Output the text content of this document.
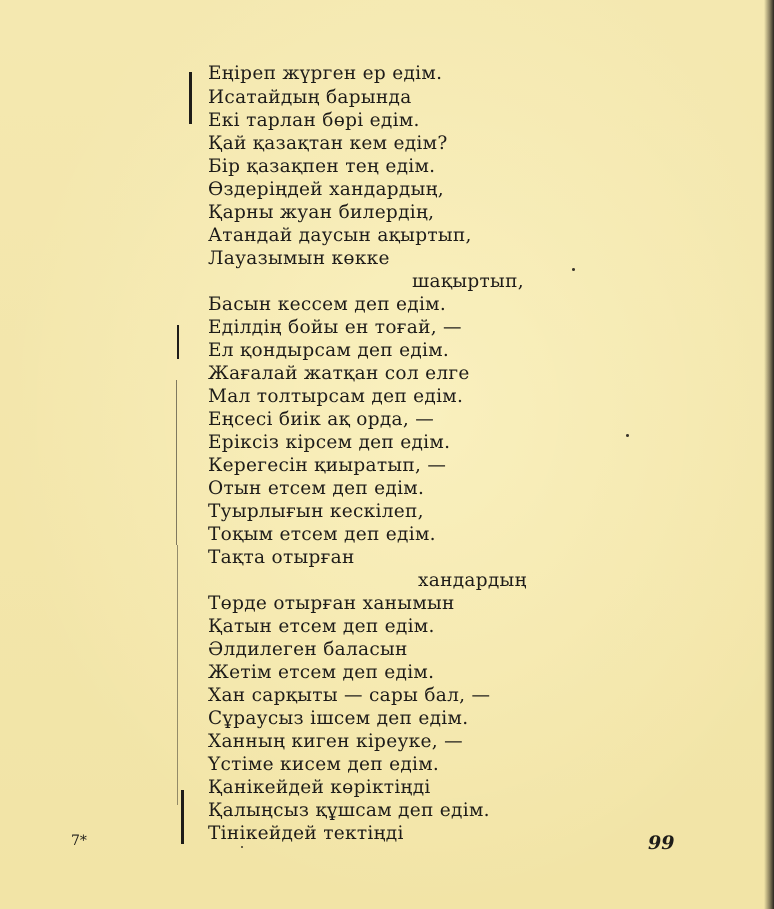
Еңіреп жүрген ер едім.
Исатайдың барында
Екі тарлан бөрі едім.
Қай қазақтан кем едім?
Бір қазақпен тең едім.
Өздеріңдей хандардың,
Қарны жуан билердің,
Атандай даусын ақыртып,
Лауазымын көкке
шақыртып,
Басын кессем деп едім.
Еділдің бойы ен тоғай, —
Ел қондырсам деп едім.
Жағалай жатқан сол елге
Мал толтырсам деп едім.
Еңсесі биік ақ орда, —
Еріксіз кірсем деп едім.
Керегесін қиыратып, —
Отын етсем деп едім.
Туырлығын кескілеп,
Тоқым етсем деп едім.
Тақта отырған
хандардың
Төрде отырған ханымын
Қатын етсем деп едім.
Әлдилеген баласын
Жетім етсем деп едім.
Хан сарқыты — сары бал, —
Сұраусыз ішсем деп едім.
Ханның киген кіреуке, —
Үстіме кисем деп едім.
Қанікейдей көріктіңді
Қалыңсыз құшсам деп едім.
Тінікейдей тектіңді
7*	99
